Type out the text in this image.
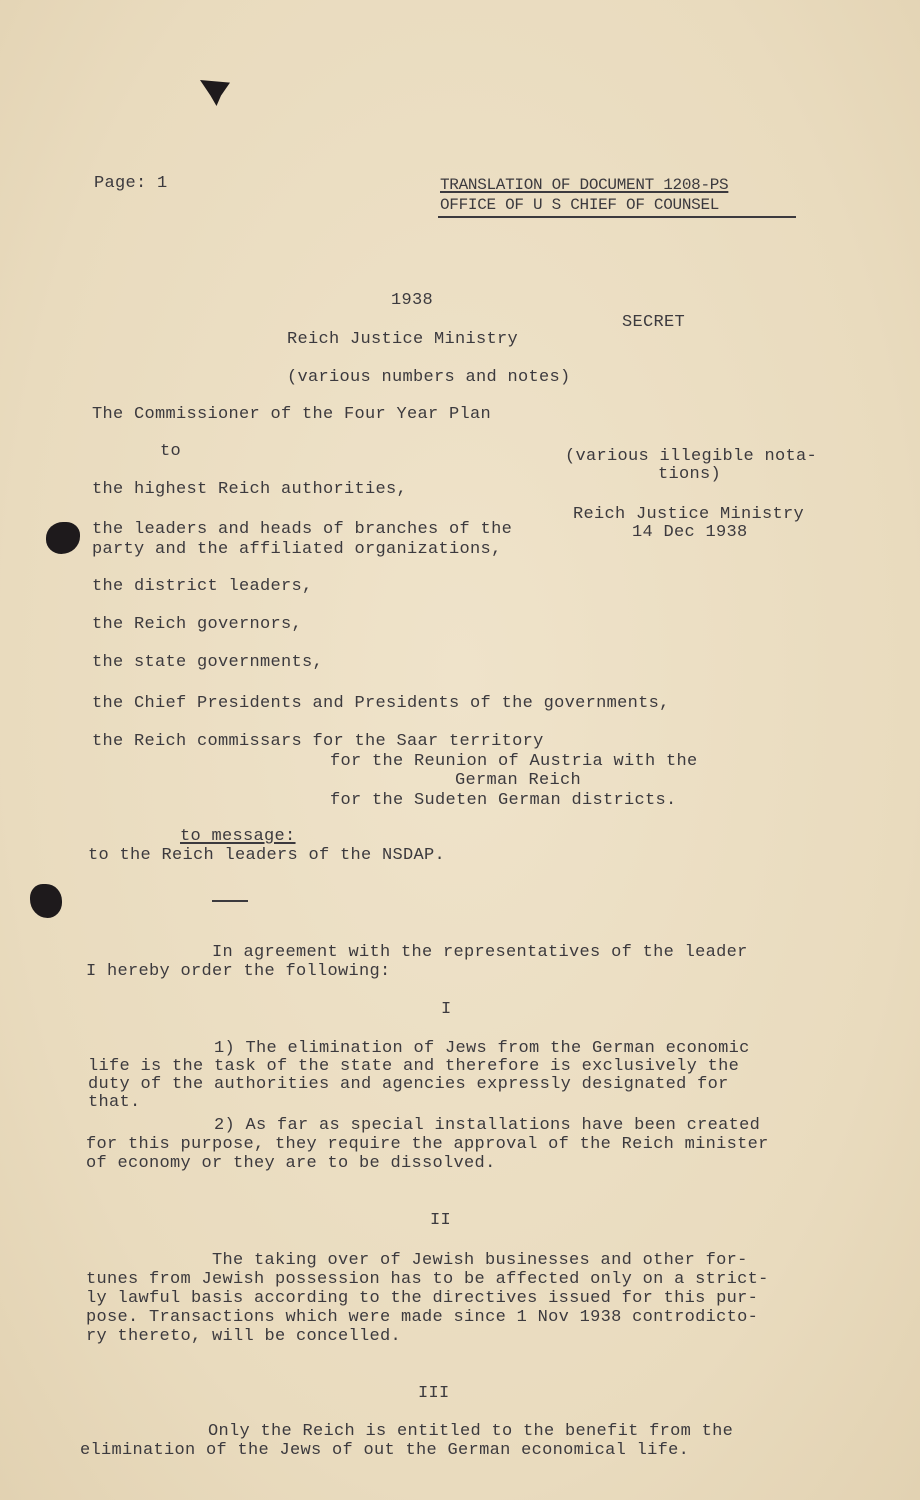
Page: 1	TRANSLATION OF DOCUMENT 1208-PS
OFFICE OF U S CHIEF OF COUNSEL
1938
SECRET
Reich Justice Ministry
(various numbers and notes)
The Commissioner of the Four Year Plan
to	(various illegible nota-
tions)
Reich Justice Ministry
14 Dec 1938
the highest Reich authorities,
the leaders and heads of branches of the
party and the affiliated organizations,
the district leaders,
the Reich governors,
the state governments,
the Chief Presidents and Presidents of the governments,
the Reich commissars for the Saar territory
for the Reunion of Austria with the
German Reich
for the Sudeten German districts.
to message:
to the Reich leaders of the NSDAP.
In agreement with the representatives of the leader
I hereby order the following:
I
1) The elimination of Jews from the German economic
life is the task of the state and therefore is exclusively the
duty of the authorities and agencies expressly designated for
that.
2) As far as special installations have been created
for this purpose, they require the approval of the Reich minister
of economy or they are to be dissolved.
II
The taking over of Jewish businesses and other for-
tunes from Jewish possession has to be affected only on a strict-
ly lawful basis according to the directives issued for this pur-
pose. Transactions which were made since 1 Nov 1938 controdicto-
ry thereto, will be concelled.
III
Only the Reich is entitled to the benefit from the
elimination of the Jews of out the German economical life.
